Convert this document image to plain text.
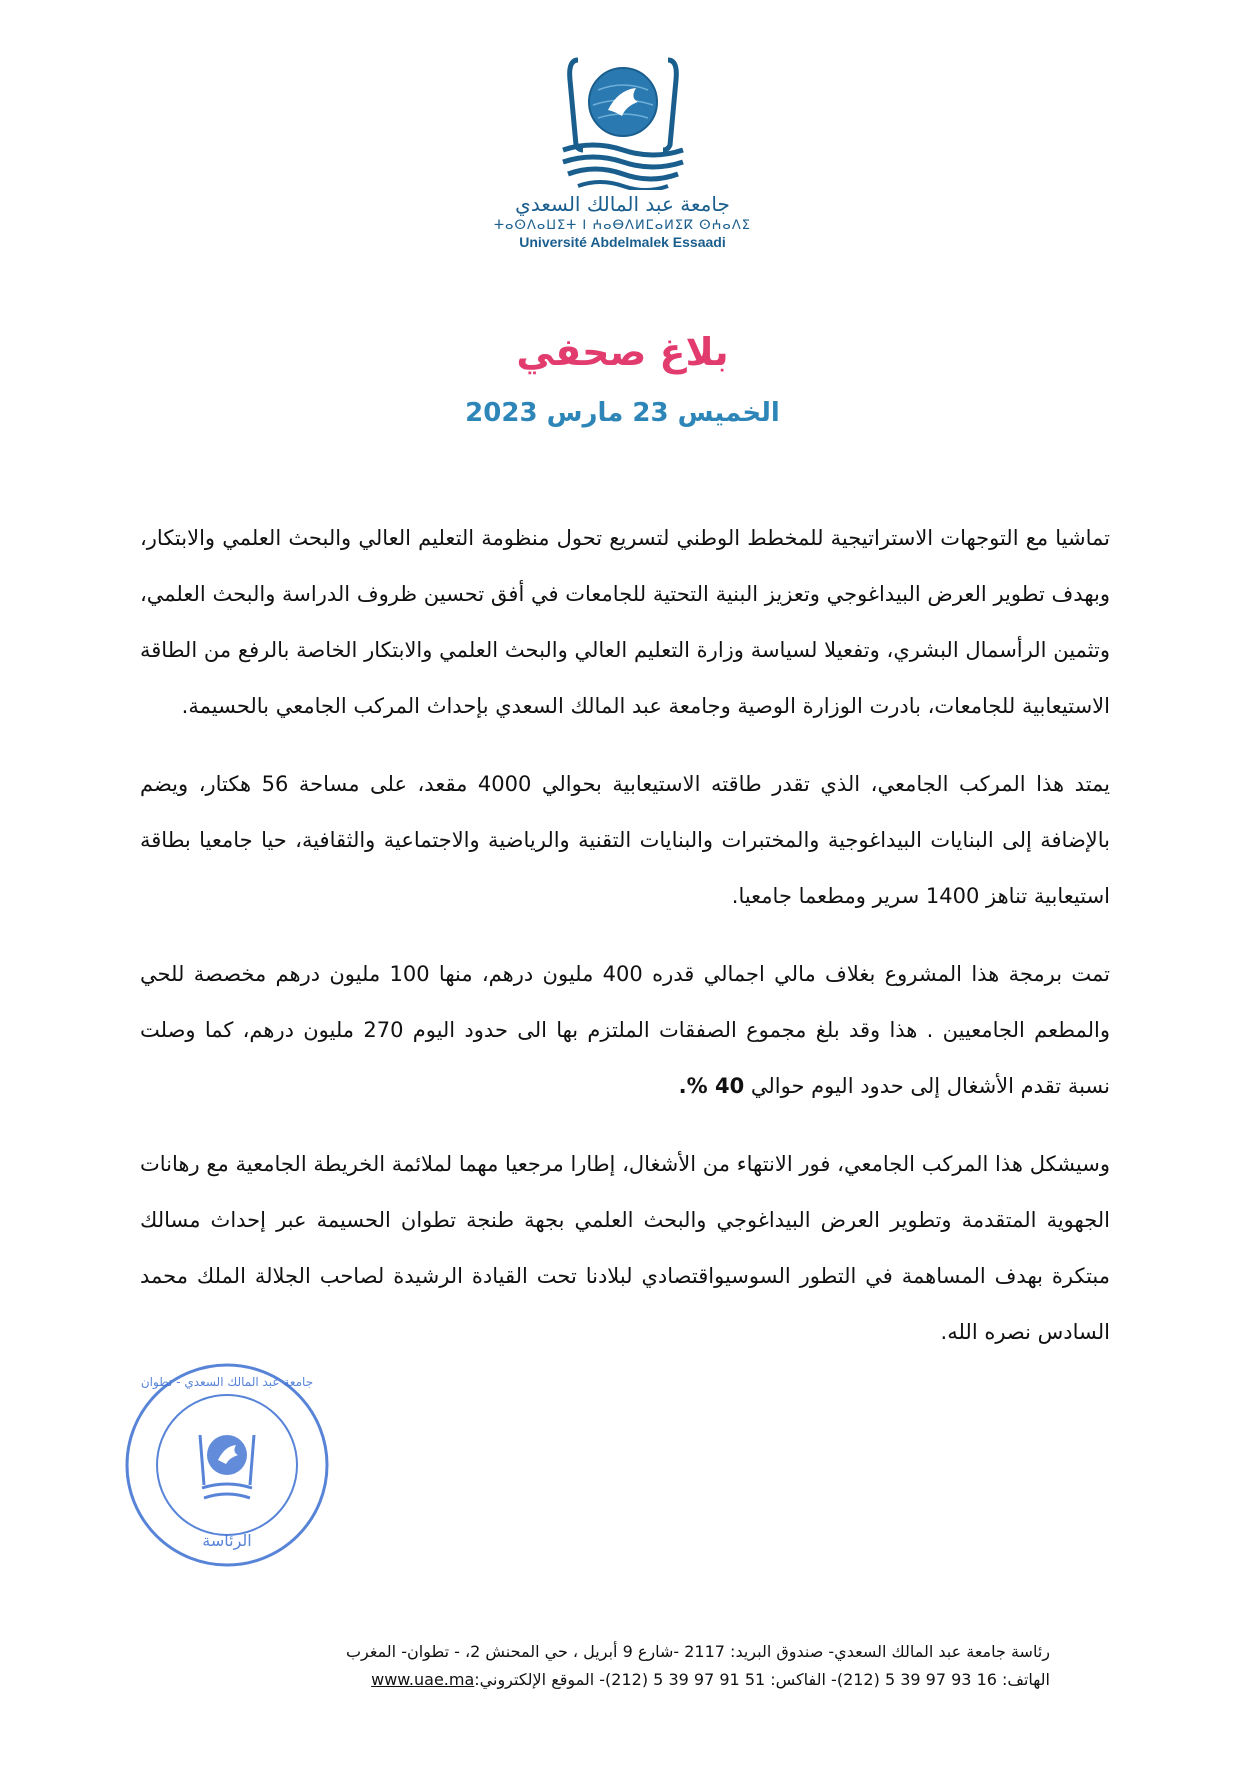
جامعة عبد المالك السعدي
ⵜⴰⵙⴷⴰⵡⵉⵜ ⵏ ⵄⴰⴱⴷⵍⵎⴰⵍⵉⴽ ⵙⵄⴰⴷⵉ
Université Abdelmalek Essaadi
بلاغ صحفي
الخميس 23 مارس 2023

تماشيا مع التوجهات الاستراتيجية للمخطط الوطني لتسريع تحول منظومة التعليم العالي والبحث العلمي والابتكار، وبهدف تطوير العرض البيداغوجي وتعزيز البنية التحتية للجامعات في أفق تحسين ظروف الدراسة والبحث العلمي، وتثمين الرأسمال البشري، وتفعيلا لسياسة وزارة التعليم العالي والبحث العلمي والابتكار الخاصة بالرفع من الطاقة الاستيعابية للجامعات، بادرت الوزارة الوصية وجامعة عبد المالك السعدي بإحداث المركب الجامعي بالحسيمة.

يمتد هذا المركب الجامعي، الذي تقدر طاقته الاستيعابية بحوالي 4000 مقعد، على مساحة 56 هكتار، ويضم بالإضافة إلى البنايات البيداغوجية والمختبرات والبنايات التقنية والرياضية والاجتماعية والثقافية، حيا جامعيا بطاقة استيعابية تناهز 1400 سرير ومطعما جامعيا.

تمت برمجة هذا المشروع بغلاف مالي اجمالي قدره 400 مليون درهم، منها 100 مليون درهم مخصصة للحي والمطعم الجامعيين . هذا وقد بلغ مجموع الصفقات الملتزم بها الى حدود اليوم 270 مليون درهم، كما وصلت نسبة تقدم الأشغال إلى حدود اليوم حوالي 40 %.

وسيشكل هذا المركب الجامعي، فور الانتهاء من الأشغال، إطارا مرجعيا مهما لملائمة الخريطة الجامعية مع رهانات الجهوية المتقدمة وتطوير العرض البيداغوجي والبحث العلمي بجهة طنجة تطوان الحسيمة عبر إحداث مسالك مبتكرة بهدف المساهمة في التطور السوسيواقتصادي لبلادنا تحت القيادة الرشيدة لصاحب الجلالة الملك محمد السادس نصره الله.

الرئاسة
جامعة عبد المالك السعدي - تطوان
رئاسة جامعة عبد المالك السعدي- صندوق البريد: 2117 -شارع 9 أبريل ، حي المحنش 2، - تطوان- المغرب
الهاتف: 16 93 97 39 5 (212)- الفاكس: 51 91 97 39 5 (212)- الموقع الإلكتروني:www.uae.ma
